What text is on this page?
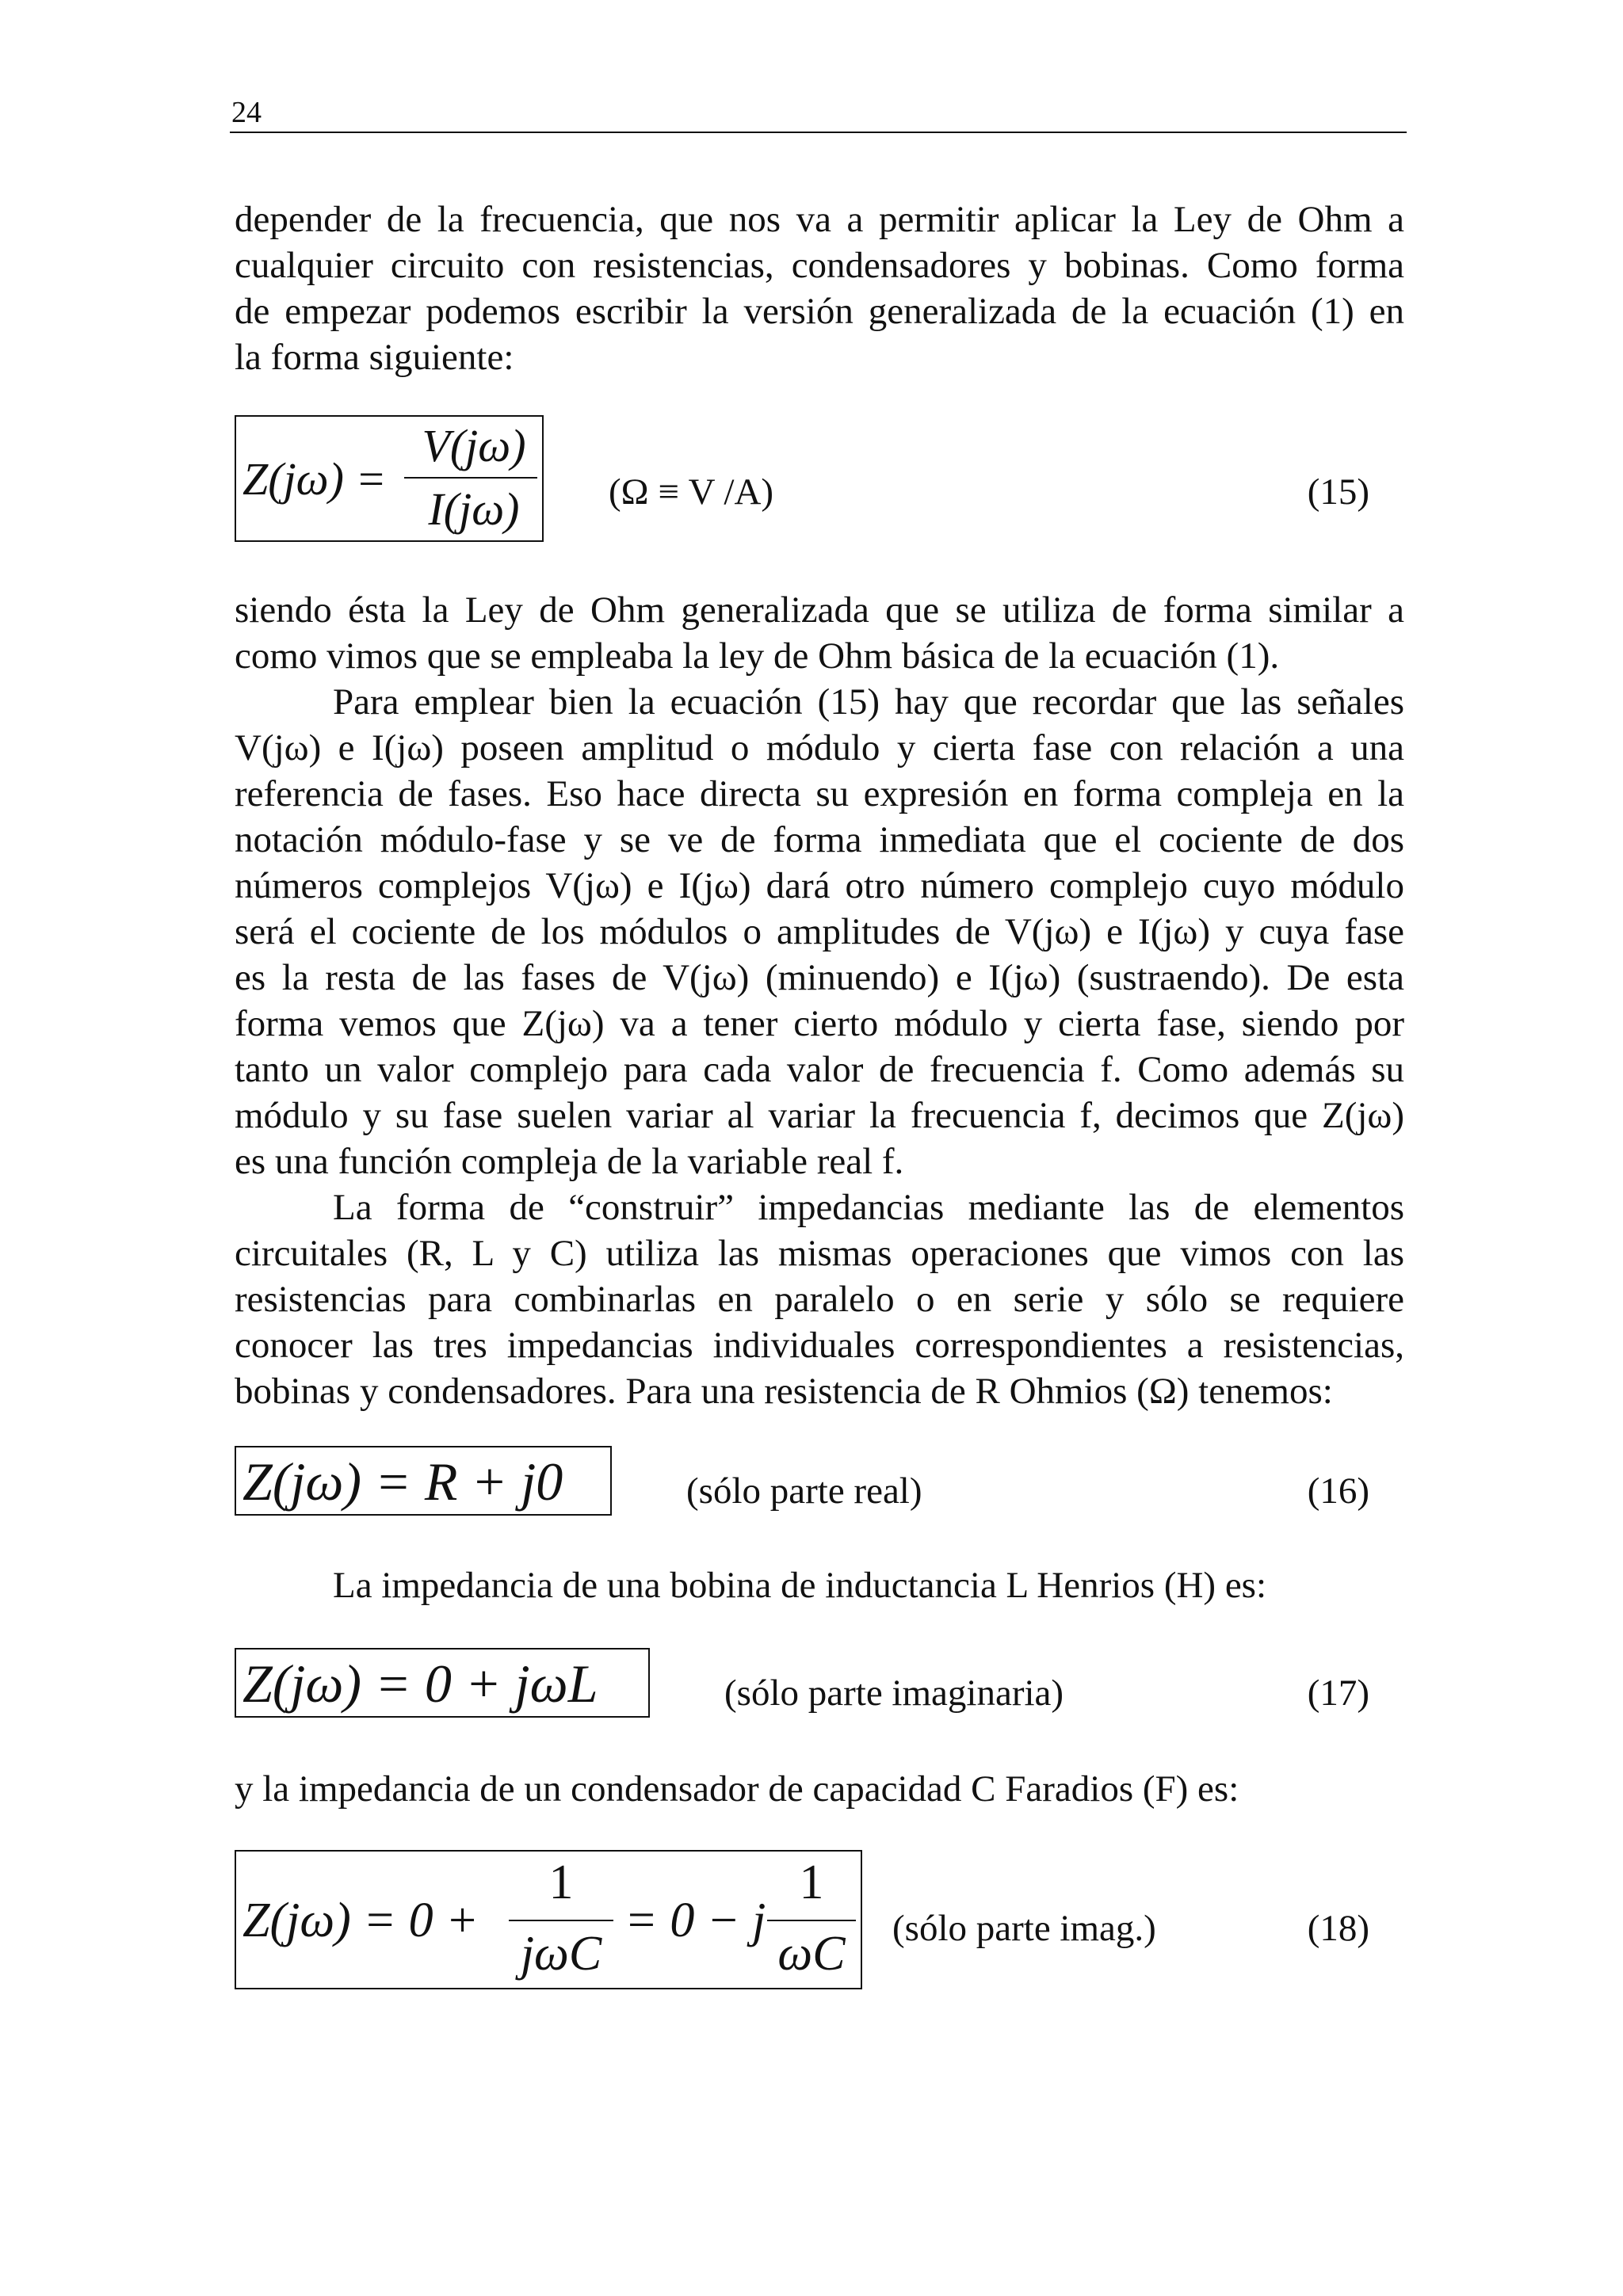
24
depender de la frecuencia, que nos va a permitir aplicar la Ley de Ohm a
cualquier circuito con resistencias, condensadores y bobinas. Como forma
de empezar podemos escribir la versión generalizada de la ecuación (1) en
la forma siguiente:
Z(jω) =
V(jω)
I(jω)	(Ω ≡ V /A)	(15)
siendo ésta la Ley de Ohm generalizada que se utiliza de forma similar a
como vimos que se empleaba la ley de Ohm básica de la ecuación (1).
Para emplear bien la ecuación (15) hay que recordar que las señales
V(jω) e I(jω) poseen amplitud o módulo y cierta fase con relación a una
referencia de fases. Eso hace directa su expresión en forma compleja en la
notación módulo-fase y se ve de forma inmediata que el cociente de dos
números complejos V(jω) e I(jω) dará otro número complejo cuyo módulo
será el cociente de los módulos o amplitudes de V(jω) e I(jω) y cuya fase
es la resta de las fases de V(jω) (minuendo) e I(jω) (sustraendo). De esta
forma vemos que Z(jω) va a tener cierto módulo y cierta fase, siendo por
tanto un valor complejo para cada valor de frecuencia f. Como además su
módulo y su fase suelen variar al variar la frecuencia f, decimos que Z(jω)
es una función compleja de la variable real f.
La forma de “construir” impedancias mediante las de elementos
circuitales (R, L y C) utiliza las mismas operaciones que vimos con las
resistencias para combinarlas en paralelo o en serie y sólo se requiere
conocer las tres impedancias individuales correspondientes a resistencias,
bobinas y condensadores. Para una resistencia de R Ohmios (Ω) tenemos:
Z(jω) = R + j0	(sólo parte real)	(16)
La impedancia de una bobina de inductancia L Henrios (H) es:
Z(jω) = 0 + jωL	(sólo parte imaginaria)	(17)
y la impedancia de un condensador de capacidad C Faradios (F) es:
Z(jω) = 0 +
1
jωC
= 0 − j
1
ωC (sólo parte imag.)	(18)
